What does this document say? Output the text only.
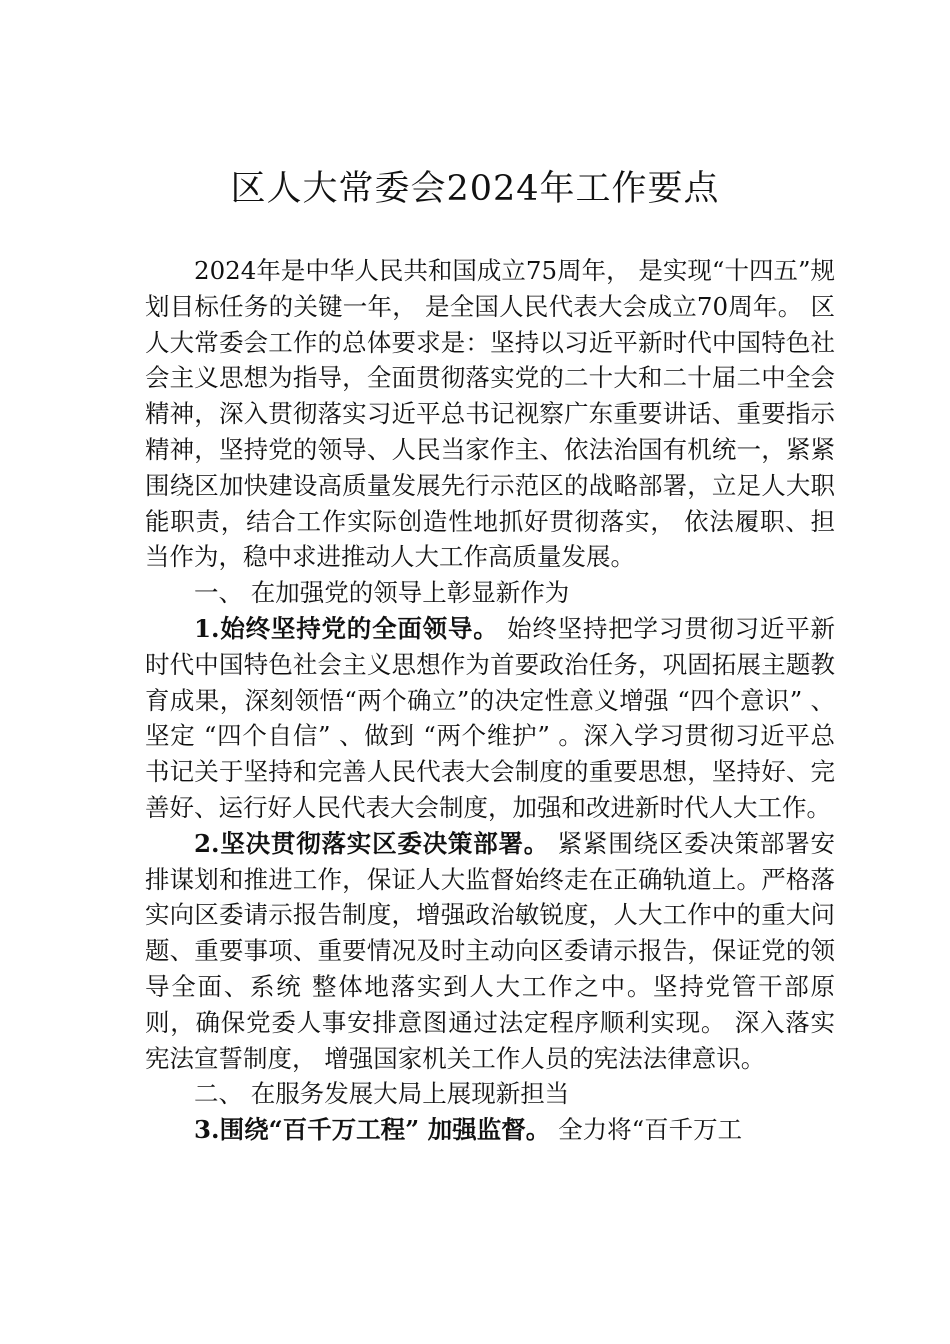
区人大常委会2024年工作要点

2024年是中华人民共和国成立75周年， 是实现“十四五”规划目标任务的关键一年， 是全国人民代表大会成立70周年。 区人大常委会工作的总体要求是：坚持以习近平新时代中国特色社会主义思想为指导，全面贯彻落实党的二十大和二十届二中全会精神，深入贯彻落实习近平总书记视察广东重要讲话、重要指示精神，坚持党的领导、人民当家作主、依法治国有机统一，紧紧围绕区加快建设高质量发展先行示范区的战略部署，立足人大职能职责，结合工作实际创造性地抓好贯彻落实， 依法履职、担当作为，稳中求进推动人大工作高质量发展。

一、 在加强党的领导上彰显新作为

1.始终坚持党的全面领导。 始终坚持把学习贯彻习近平新时代中国特色社会主义思想作为首要政治任务，巩固拓展主题教育成果，深刻领悟“两个确立”的决定性意义增强 “四个意识” 、坚定 “四个自信” 、做到 “两个维护” 。深入学习贯彻习近平总书记关于坚持和完善人民代表大会制度的重要思想，坚持好、完善好、运行好人民代表大会制度，加强和改进新时代人大工作。

2.坚决贯彻落实区委决策部署。 紧紧围绕区委决策部署安排谋划和推进工作，保证人大监督始终走在正确轨道上。严格落实向区委请示报告制度，增强政治敏锐度，人大工作中的重大问题、重要事项、重要情况及时主动向区委请示报告，保证党的领导全面、系统 整体地落实到人大工作之中。坚持党管干部原则，确保党委人事安排意图通过法定程序顺利实现。 深入落实宪法宣誓制度， 增强国家机关工作人员的宪法法律意识。

二、 在服务发展大局上展现新担当

3.围绕“百千万工程” 加强监督。 全力将“百千万工
